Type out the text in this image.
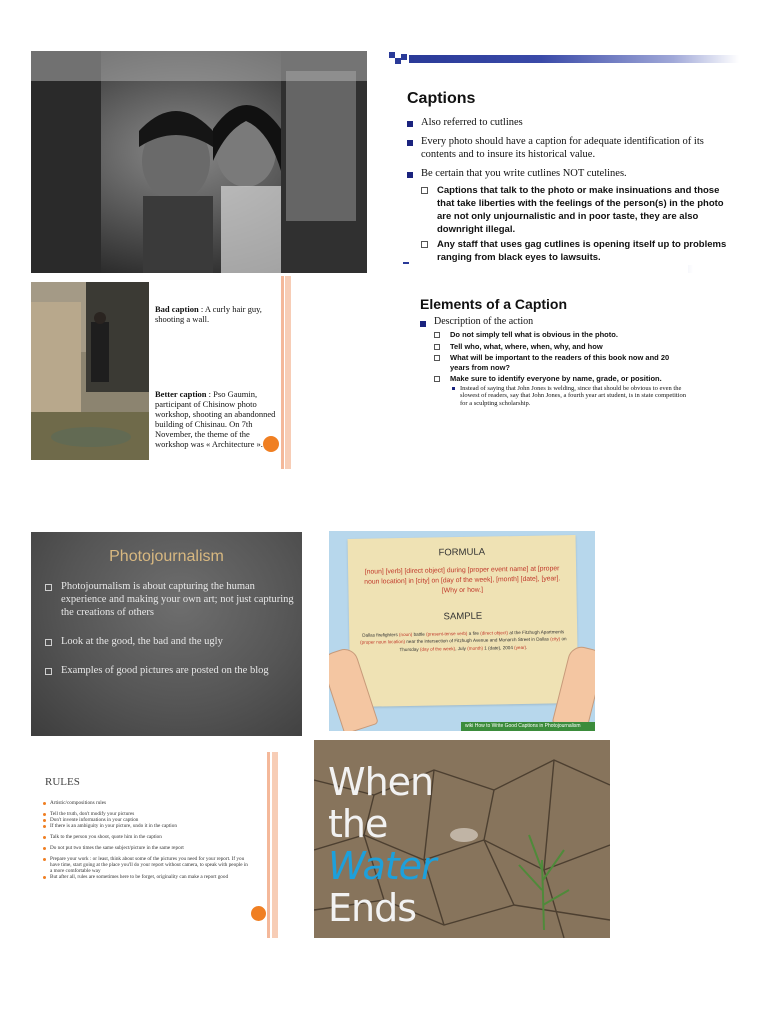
Captions
Also referred to cutlines
Every photo should have a caption for adequate identification of its contents and to insure its historical value.
Be certain that you write cutlines NOT cutelines.
Captions that talk to the photo or make insinuations and those that take liberties with the feelings of the person(s) in the photo are not only unjournalistic and in poor taste, they are also downright illegal.
Any staff that uses gag cutlines is opening itself up to problems ranging from black eyes to lawsuits.
Bad caption : A curly hair guy, shooting a wall.
Better caption : Pso Gaumin, participant of Chisinow photo workshop, shooting an abandonned building of Chisinau. On 7th November, the theme of the workshop was « Architecture ».
Elements of a Caption
Description of the action
Do not simply tell what is obvious in the photo.
Tell who, what, where, when, why, and how
What will be important to the readers of this book now and 20 years from now?
Make sure to identify everyone by name, grade, or position.
Instead of saying that John Jones is welding, since that should be obvious to even the slowest of readers, say that John Jones, a fourth year art student, is in state competition for a sculpting scholarship.
Photojournalism
Photojournalism is about capturing the human experience and making your own art; not just capturing the creations of others
Look at the good, the bad and the ugly
Examples of good pictures are posted on the blog

FORMULA

[noun] [verb] [direct object] during [proper event name] at [proper noun location] in [city] on [day of the week], [month] [date], [year]. [Why or how.]

SAMPLE

Dallas firefighters (noun) battle (present-tense verb) a fire (direct object) at the Fitzhugh Apartments (proper noun location) near the intersection of Fitzhugh Avenue and Monarch Street in Dallas (city) on Thursday (day of the week), July (month) 1 (date), 2004 (year).

wiki How to Write Good Captions in Photojournalism
RULES
Artistic/compositions rules
Tell the truth, don't modify your pictures
Don't invente informations in your caption
If there is an ambiguity in your picture, undo it in the caption
Talk to the person you shoot, quote him in the caption
Do not put two times the same subject/picture in the same report
Prepare your work : or least, think about some of the pictures you need for your report. If you have time, start going at the place you'll do your report without camera, to speak with people in a more comfortable way
But after all, rules are sometimes here to be forget, originality can make a report good

When

the

Water

Ends
